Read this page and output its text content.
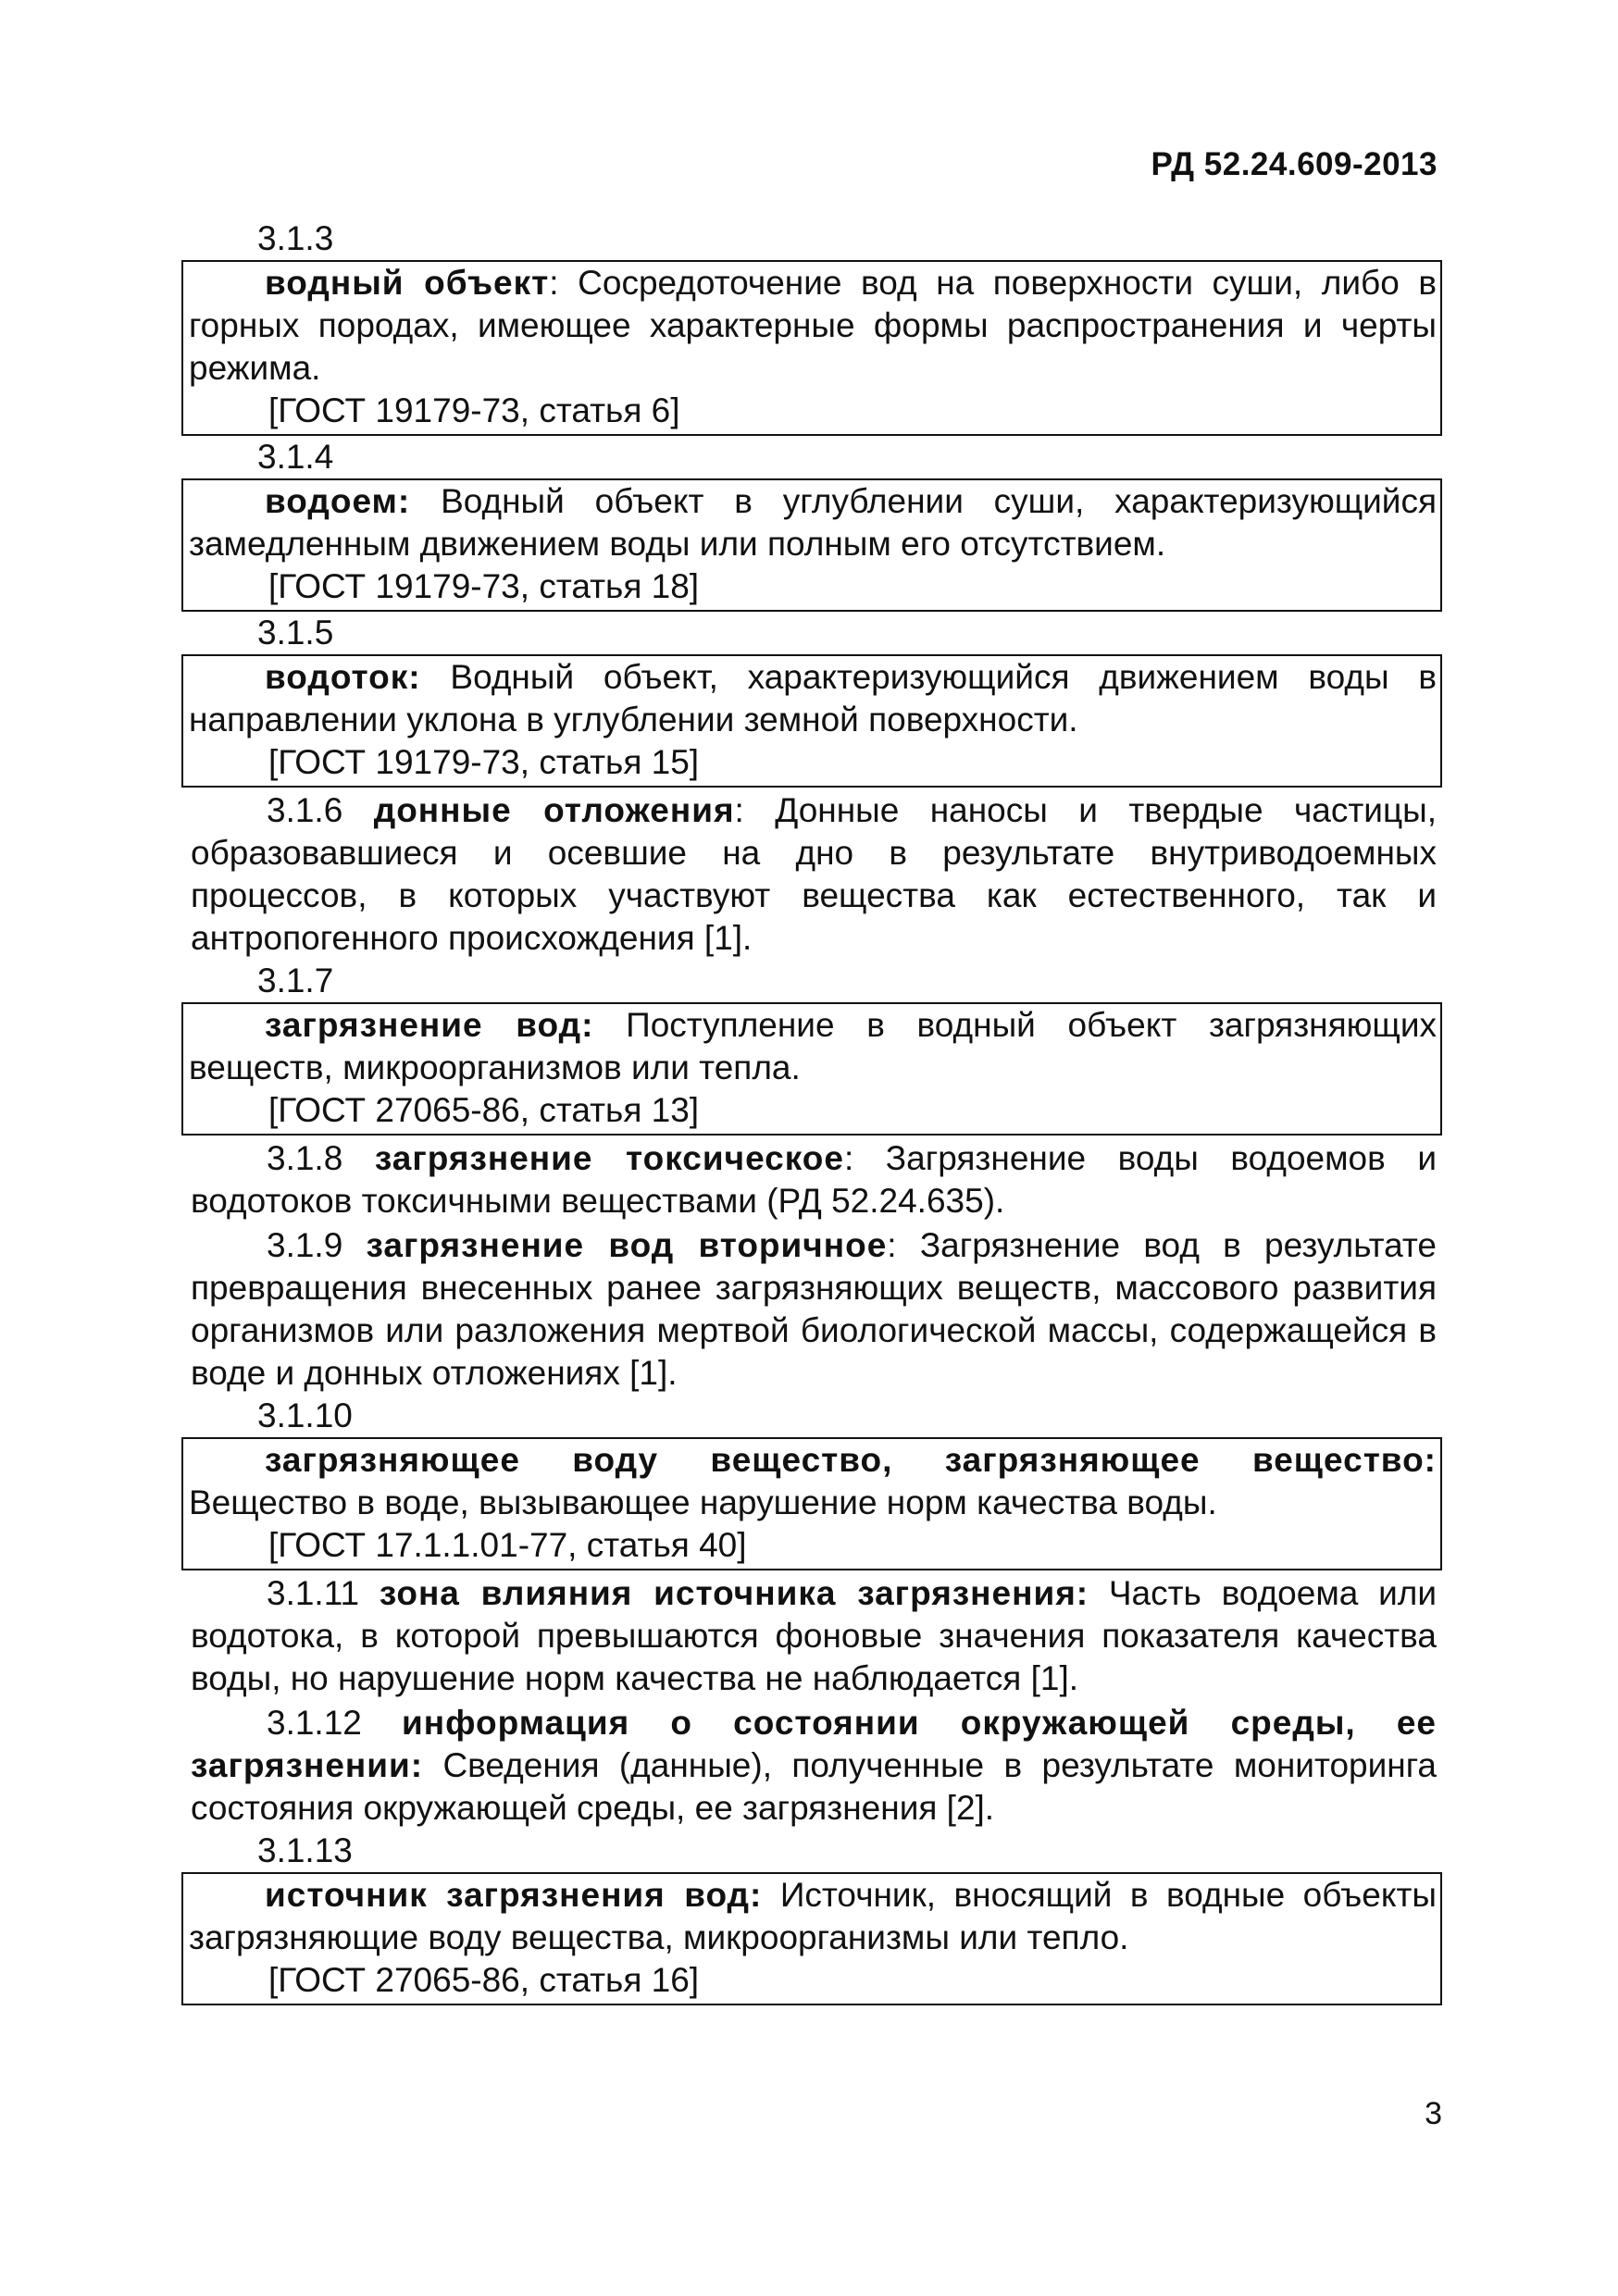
РД 52.24.609-2013
3.1.3

водный объект: Сосредоточение вод на поверхности суши, либо в горных породах, имеющее характерные формы распространения и черты режима.

[ГОСТ 19179-73, статья 6]

3.1.4

водоем: Водный объект в углублении суши, характеризующийся замедленным движением воды или полным его отсутствием.

[ГОСТ 19179-73, статья 18]

3.1.5

водоток: Водный объект, характеризующийся движением воды в направлении уклона в углублении земной поверхности.

[ГОСТ 19179-73, статья 15]

3.1.6 донные отложения: Донные наносы и твердые частицы, образовавшиеся и осевшие на дно в результате внутриводоемных процессов, в которых участвуют вещества как естественного, так и антропогенного происхождения [1].

3.1.7

загрязнение вод: Поступление в водный объект загрязняющих веществ, микроорганизмов или тепла.

[ГОСТ 27065-86, статья 13]

3.1.8 загрязнение токсическое: Загрязнение воды водоемов и водотоков токсичными веществами (РД 52.24.635).

3.1.9 загрязнение вод вторичное: Загрязнение вод в результате превращения внесенных ранее загрязняющих веществ, массового развития организмов или разложения мертвой биологической массы, содержащейся в воде и донных отложениях [1].

3.1.10

загрязняющее воду вещество, загрязняющее вещество: Вещество в воде, вызывающее нарушение норм качества воды.

[ГОСТ 17.1.1.01-77, статья 40]

3.1.11 зона влияния источника загрязнения: Часть водоема или водотока, в которой превышаются фоновые значения показателя качества воды, но нарушение норм качества не наблюдается [1].

3.1.12 информация о состоянии окружающей среды, ее загрязнении: Сведения (данные), полученные в результате мониторинга состояния окружающей среды, ее загрязнения [2].

3.1.13

источник загрязнения вод: Источник, вносящий в водные объекты загрязняющие воду вещества, микроорганизмы или тепло.

[ГОСТ 27065-86, статья 16]

3
